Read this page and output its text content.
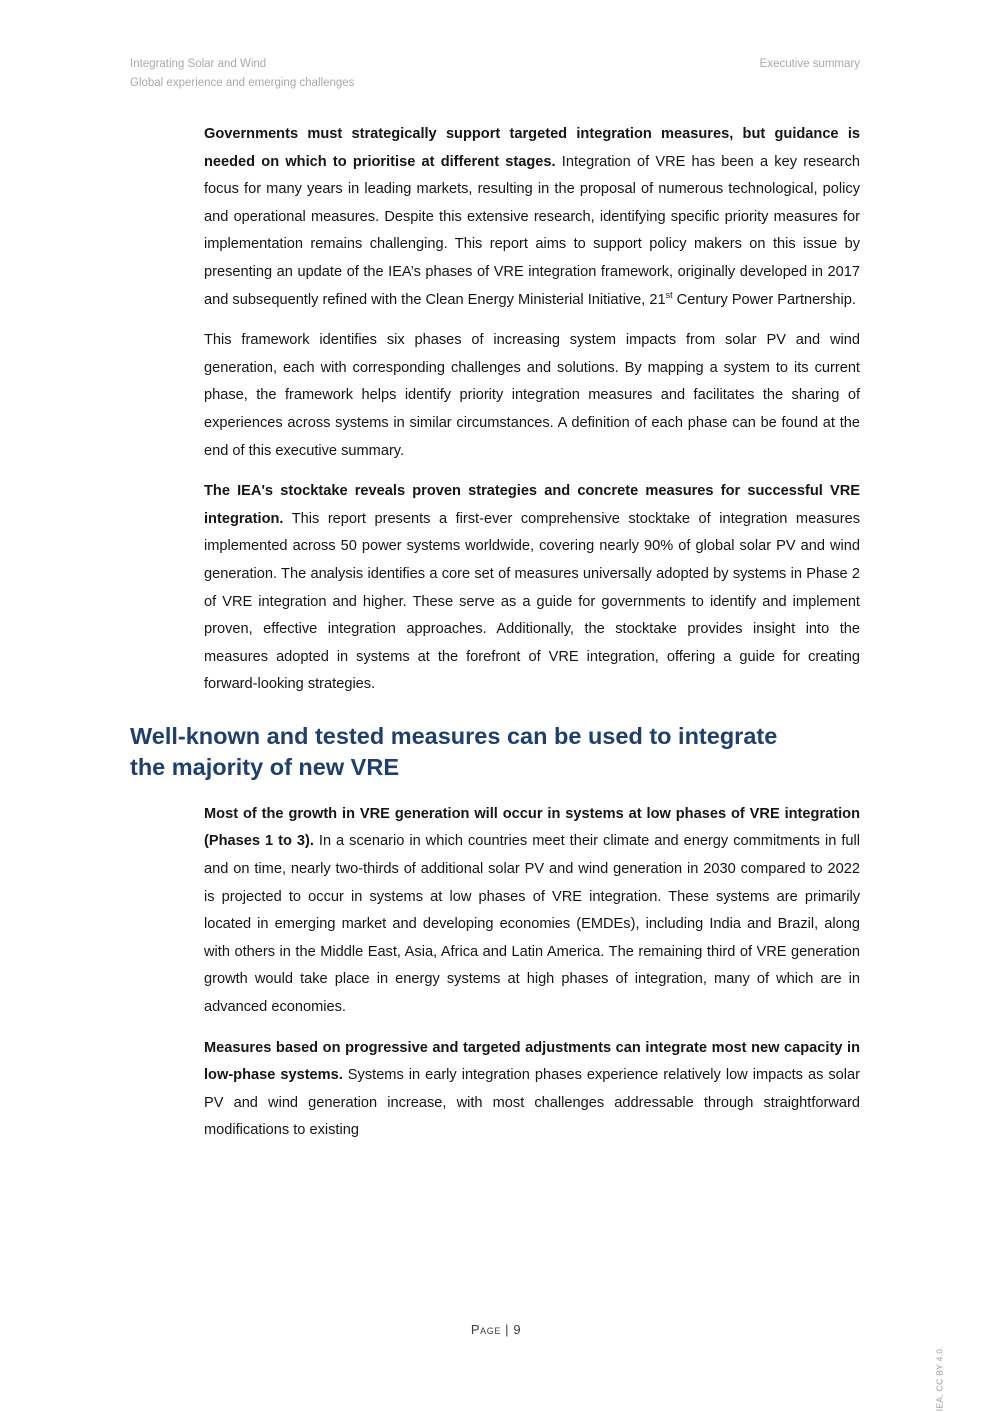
Integrating Solar and Wind
Global experience and emerging challenges
Executive summary

Governments must strategically support targeted integration measures, but guidance is needed on which to prioritise at different stages. Integration of VRE has been a key research focus for many years in leading markets, resulting in the proposal of numerous technological, policy and operational measures. Despite this extensive research, identifying specific priority measures for implementation remains challenging. This report aims to support policy makers on this issue by presenting an update of the IEA’s phases of VRE integration framework, originally developed in 2017 and subsequently refined with the Clean Energy Ministerial Initiative, 21st Century Power Partnership.

This framework identifies six phases of increasing system impacts from solar PV and wind generation, each with corresponding challenges and solutions. By mapping a system to its current phase, the framework helps identify priority integration measures and facilitates the sharing of experiences across systems in similar circumstances. A definition of each phase can be found at the end of this executive summary.

The IEA's stocktake reveals proven strategies and concrete measures for successful VRE integration. This report presents a first-ever comprehensive stocktake of integration measures implemented across 50 power systems worldwide, covering nearly 90% of global solar PV and wind generation. The analysis identifies a core set of measures universally adopted by systems in Phase 2 of VRE integration and higher. These serve as a guide for governments to identify and implement proven, effective integration approaches. Additionally, the stocktake provides insight into the measures adopted in systems at the forefront of VRE integration, offering a guide for creating forward-looking strategies.

Well-known and tested measures can be used to integrate the majority of new VRE

Most of the growth in VRE generation will occur in systems at low phases of VRE integration (Phases 1 to 3). In a scenario in which countries meet their climate and energy commitments in full and on time, nearly two-thirds of additional solar PV and wind generation in 2030 compared to 2022 is projected to occur in systems at low phases of VRE integration. These systems are primarily located in emerging market and developing economies (EMDEs), including India and Brazil, along with others in the Middle East, Asia, Africa and Latin America. The remaining third of VRE generation growth would take place in energy systems at high phases of integration, many of which are in advanced economies.

Measures based on progressive and targeted adjustments can integrate most new capacity in low-phase systems. Systems in early integration phases experience relatively low impacts as solar PV and wind generation increase, with most challenges addressable through straightforward modifications to existing

Page | 9
IEA. CC BY 4.0.
